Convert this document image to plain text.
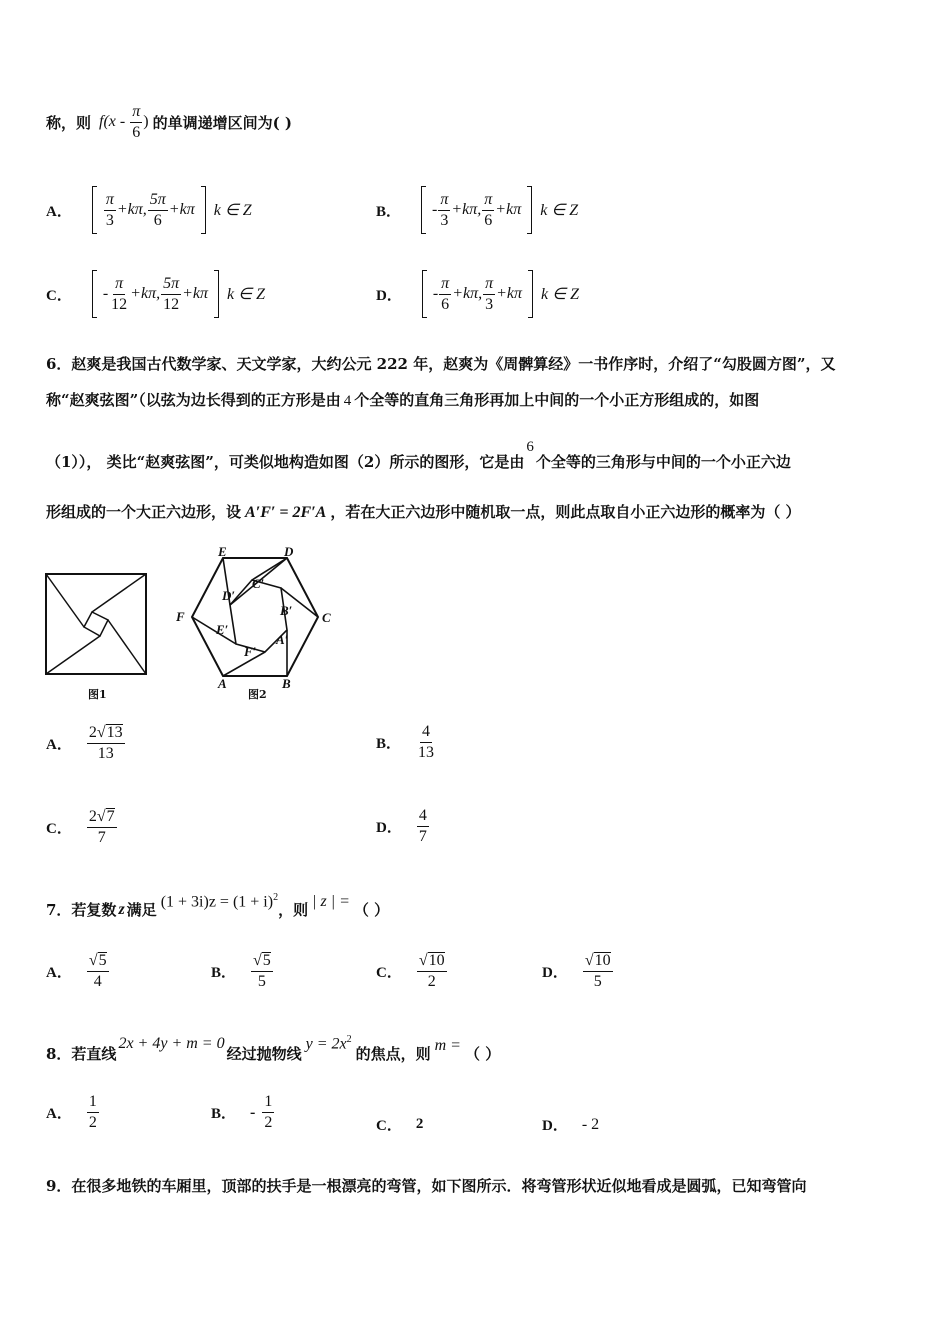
称，则 $f(x - \frac{\pi}{6}$ ) 的单调递增区间为( )
A． $\frac{\pi}{3} +k\pi$, $\frac{5\pi}{6} +k\pi$ k ∈ Z	B． - $\frac{\pi}{3} +k\pi$, $\frac{\pi}{6} +k\pi$ k ∈ Z
C． - $\frac{\pi}{12} +k\pi$, $\frac{5\pi}{12} +k\pi$ k ∈ Z	D． - $\frac{\pi}{6} +k\pi$, $\frac{\pi}{3} +k\pi$ k ∈ Z
6．赵爽是我国古代数学家、天文学家，大约公元 222 年，赵爽为《周髀算经》一书作序时，介绍了“勾股圆方图”，又
称“赵爽弦图”（以弦为边长得到的正方形是由 4 个全等的直角三角形再加上中间的一个小正方形组成的，如图
（1））， 类比“赵爽弦图”，可类似地构造如图（2）所示的图形，它是由6个全等的三角形与中间的一个小正六边
形组成的一个大正六边形，设 A′F′ = 2F′A ，若在大正六边形中随机取一点，则此点取自小正六边形的概率为（ ）
图1
E	D
F	C
A	B
E′
D′
C′
B′
A′
F′
图2
A． $\frac{2√13}{13}$	B． $\frac{4}{13}$
C． $\frac{2√7}{7}$	D． $\frac{4}{7}$
7．若复数 z 满足 $(1 + 3i)z = (1 + i)^2$
，则 | z | = （ ）
A． $\frac{√5}{4}$	B． $\frac{√5}{5}$	C． $\frac{√10}{2}$	D． $\frac{√10}{5}$
8．若直线
2x + 4y + m = 0
经过抛物线
$y = 2x^2$
的焦点，则 m = （ ）
A． $\frac{1}{2}$	B． - $\frac{1}{2}$	C． 2	D． - 2
9．在很多地铁的车厢里，顶部的扶手是一根漂亮的弯管，如下图所示．将弯管形状近似地看成是圆弧，已知弯管向
